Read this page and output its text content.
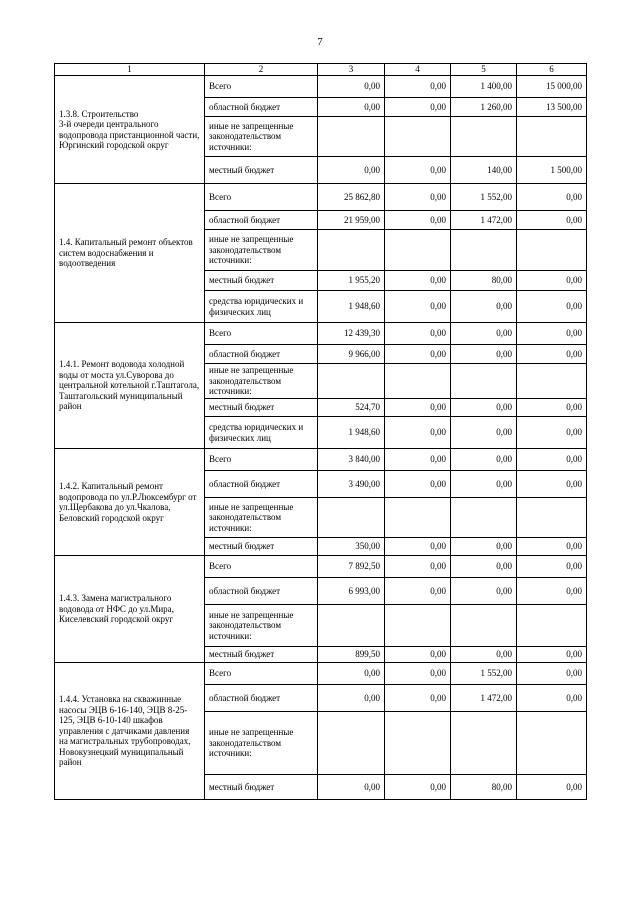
7
1	2	3	4	5	6
1.3.8. Строительство
3-й очереди центрального водопровода пристанционной части, Юргинский городской округ	Всего	0,00	0,00	1 400,00	15 000,00
	областной бюджет	0,00	0,00	1 260,00	13 500,00
	иные не запрещенные законодательством источники:				
	местный бюджет	0,00	0,00	140,00	1 500,00
1.4. Капитальный ремонт объектов систем водоснабжения и водоотведения	Всего	25 862,80	0,00	1 552,00	0,00
	областной бюджет	21 959,00	0,00	1 472,00	0,00
	иные не запрещенные законодательством источники:				
	местный бюджет	1 955,20	0,00	80,00	0,00
	средства юридических и физических лиц	1 948,60	0,00	0,00	0,00
1.4.1. Ремонт водовода холодной воды от моста ул.Суворова до центральной котельной г.Таштагола, Таштагольский муниципальный район	Всего	12 439,30	0,00	0,00	0,00
	областной бюджет	9 966,00	0,00	0,00	0,00
	иные не запрещенные законодательством источники:				
	местный бюджет	524,70	0,00	0,00	0,00
	средства юридических и физических лиц	1 948,60	0,00	0,00	0,00
1.4.2. Капитальный ремонт водопровода по ул.Р.Люксембург от ул.Щербакова до ул.Чкалова, Беловский городской округ	Всего	3 840,00	0,00	0,00	0,00
	областной бюджет	3 490,00	0,00	0,00	0,00
	иные не запрещенные законодательством источники:				
	местный бюджет	350,00	0,00	0,00	0,00
1.4.3. Замена магистрального водовода от НФС до ул.Мира, Киселевский городской округ	Всего	7 892,50	0,00	0,00	0,00
	областной бюджет	6 993,00	0,00	0,00	0,00
	иные не запрещенные законодательством источники:				
	местный бюджет	899,50	0,00	0,00	0,00
1.4.4. Установка на скважинные насосы ЭЦВ 6-16-140, ЭЦВ 8-25-125, ЭЦВ 6-10-140 шкафов управления с датчиками давления на магистральных трубопроводах, Новокузнецкий муниципальный район	Всего	0,00	0,00	1 552,00	0,00
	областной бюджет	0,00	0,00	1 472,00	0,00
	иные не запрещенные законодательством источники:				
	местный бюджет	0,00	0,00	80,00	0,00
